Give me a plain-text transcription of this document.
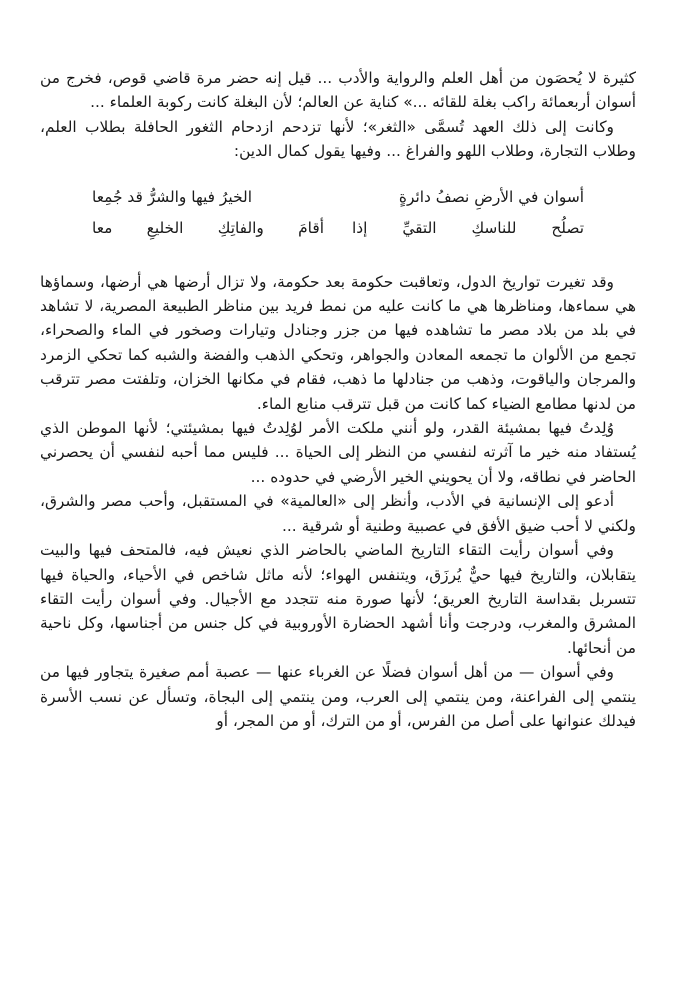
كثيرة لا يُحصَون من أهل العلم والرواية والأدب ... قيل إنه حضر مرة قاضي قوص، فخرج من أسوان أربعمائة راكب بغلة للقائه ...» كناية عن العالم؛ لأن البغلة كانت ركوبة العلماء ...

وكانت إلى ذلك العهد تُسمَّى «الثغر»؛ لأنها تزدحم ازدحام الثغور الحافلة بطلاب العلم، وطلاب التجارة، وطلاب اللهو والفراغ ... وفيها يقول كمال الدين:

أسوان في الأرضِ نصفُ دائرةٍ
الخيرُ فيها والشرُّ قد جُمِعا
تصلُح للناسكِ التقيِّ إذا
أقامَ والفاتِكِ الخليعِ معا

وقد تغيرت تواريخ الدول، وتعاقبت حكومة بعد حكومة، ولا تزال أرضها هي أرضها، وسماؤها هي سماءها، ومناظرها هي ما كانت عليه من نمط فريد بين مناظر الطبيعة المصرية، لا تشاهد في بلد من بلاد مصر ما تشاهده فيها من جزر وجنادل وتيارات وصخور في الماء والصحراء، تجمع من الألوان ما تجمعه المعادن والجواهر، وتحكي الذهب والفضة والشبه كما تحكي الزمرد والمرجان والياقوت، وذهب من جنادلها ما ذهب، فقام في مكانها الخزان، وتلفتت مصر تترقب من لدنها مطامع الضياء كما كانت من قبل تترقب منابع الماء.

وُلِدتُ فيها بمشيئة القدر، ولو أنني ملكت الأمر لوُلِدتُ فيها بمشيئتي؛ لأنها الموطن الذي يُستفاد منه خير ما آثرته لنفسي من النظر إلى الحياة ... فليس مما أحبه لنفسي أن يحصرني الحاضر في نطاقه، ولا أن يحويني الخير الأرضي في حدوده ...

أدعو إلى الإنسانية في الأدب، وأنظر إلى «العالمية» في المستقبل، وأحب مصر والشرق، ولكني لا أحب ضيق الأفق في عصبية وطنية أو شرقية ...

وفي أسوان رأيت التقاء التاريخ الماضي بالحاضر الذي نعيش فيه، فالمتحف فيها والبيت يتقابلان، والتاريخ فيها حيٌّ يُرزَق، ويتنفس الهواء؛ لأنه ماثل شاخص في الأحياء، والحياة فيها تتسربل بقداسة التاريخ العريق؛ لأنها صورة منه تتجدد مع الأجيال. وفي أسوان رأيت التقاء المشرق والمغرب، ودرجت وأنا أشهد الحضارة الأوروبية في كل جنس من أجناسها، وكل ناحية من أنحائها.

وفي أسوان — من أهل أسوان فضلًا عن الغرباء عنها — عصبة أمم صغيرة يتجاور فيها من ينتمي إلى الفراعنة، ومن ينتمي إلى العرب، ومن ينتمي إلى البجاة، وتسأل عن نسب الأسرة فيدلك عنوانها على أصل من الفرس، أو من الترك، أو من المجر، أو
